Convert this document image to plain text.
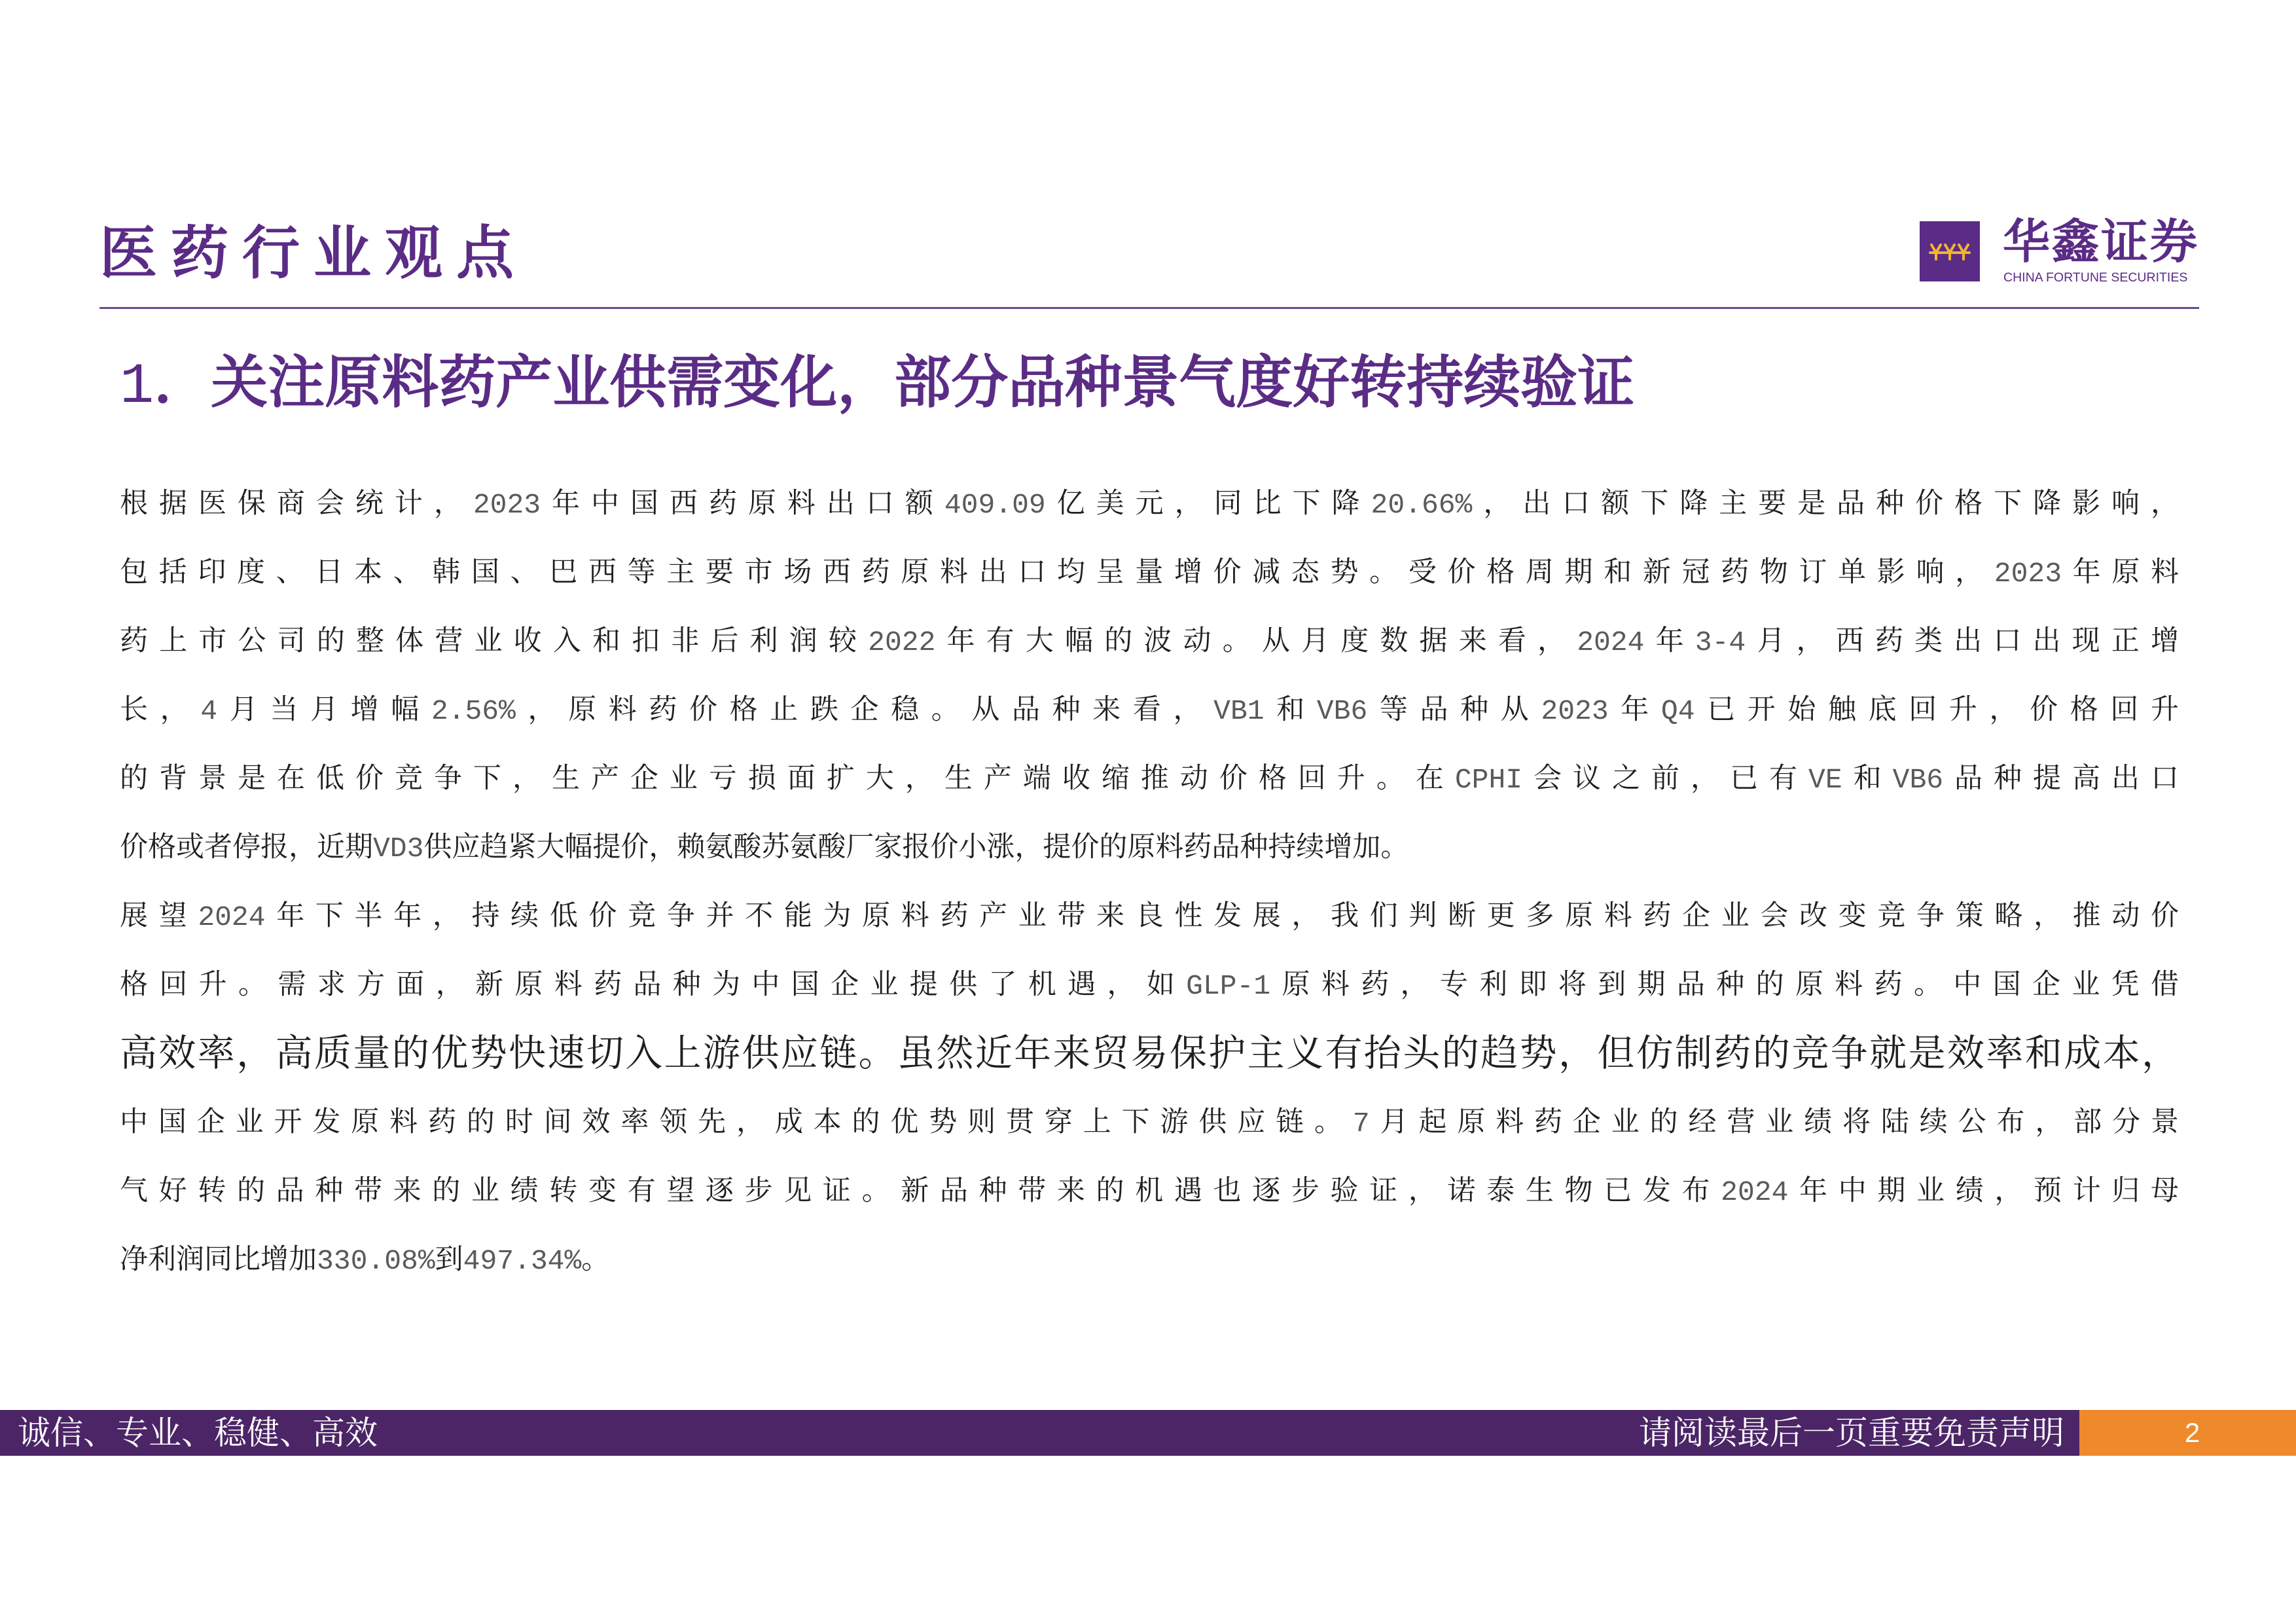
医药行业观点	华鑫证券
CHINA FORTUNE SECURITIES
1．关注原料药产业供需变化，部分品种景气度好转持续验证
根据医保商会统计，2023年中国西药原料出口额409.09亿美元，同比下降20.66%，出口额下降主要是品种价格下降影响，
包括印度、日本、韩国、巴西等主要市场西药原料出口均呈量增价减态势。受价格周期和新冠药物订单影响，2023年原料
药上市公司的整体营业收入和扣非后利润较2022年有大幅的波动。从月度数据来看，2024年3-4月，西药类出口出现正增
长，4月当月增幅2.56%，原料药价格止跌企稳。从品种来看，VB1和VB6等品种从2023年Q4已开始触底回升，价格回升
的背景是在低价竞争下，生产企业亏损面扩大，生产端收缩推动价格回升。在CPHI会议之前，已有VE和VB6品种提高出口
价格或者停报，近期VD3供应趋紧大幅提价，赖氨酸苏氨酸厂家报价小涨，提价的原料药品种持续增加。
展望2024年下半年，持续低价竞争并不能为原料药产业带来良性发展，我们判断更多原料药企业会改变竞争策略，推动价
格回升。需求方面，新原料药品种为中国企业提供了机遇，如GLP-1原料药，专利即将到期品种的原料药。中国企业凭借
高效率，高质量的优势快速切入上游供应链。虽然近年来贸易保护主义有抬头的趋势，但仿制药的竞争就是效率和成本，
中国企业开发原料药的时间效率领先，成本的优势则贯穿上下游供应链。7月起原料药企业的经营业绩将陆续公布，部分景
气好转的品种带来的业绩转变有望逐步见证。新品种带来的机遇也逐步验证，诺泰生物已发布2024年中期业绩，预计归母
净利润同比增加330.08%到497.34%。
诚信、专业、稳健、高效	请阅读最后一页重要免责声明	2
